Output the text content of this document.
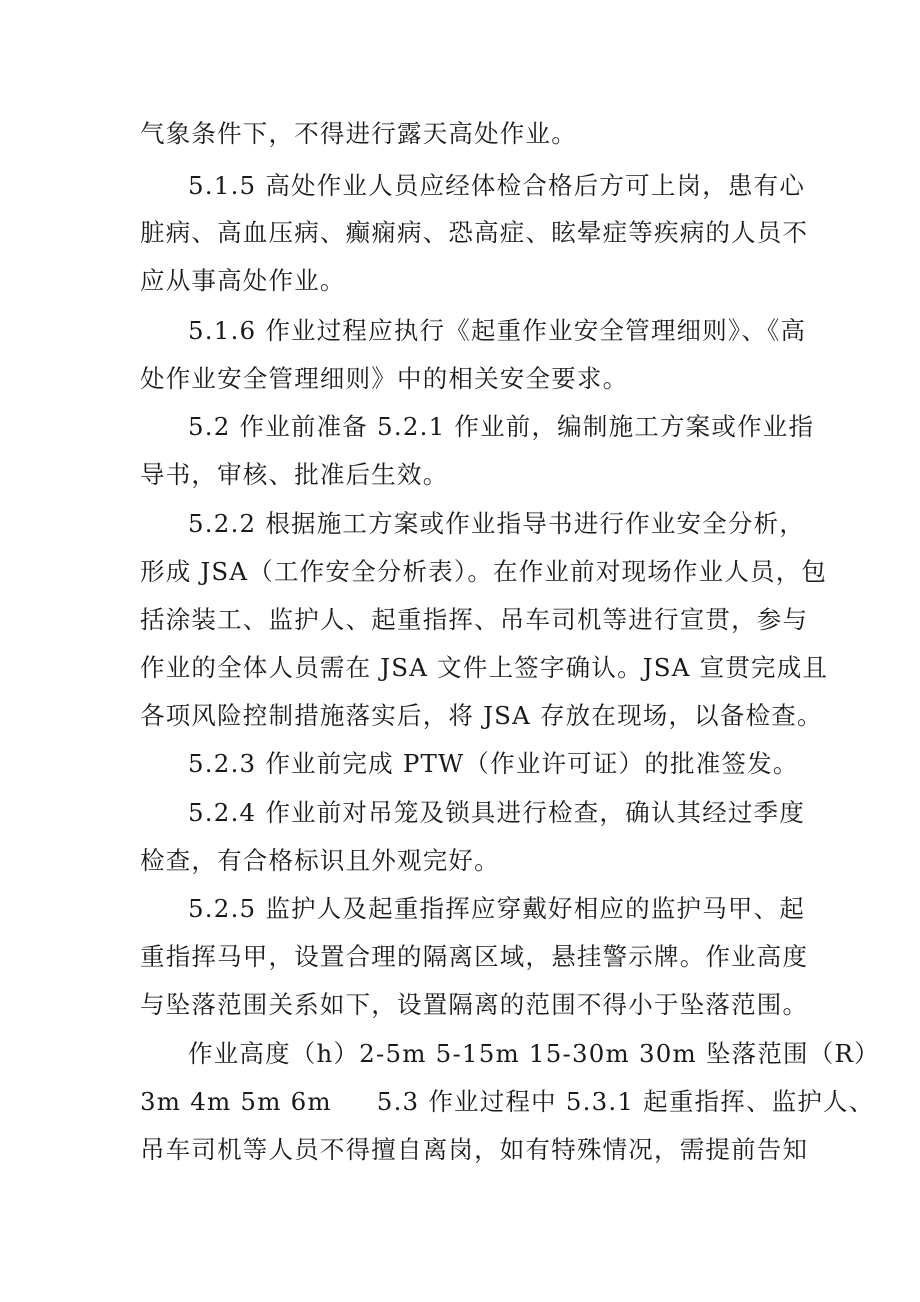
气象条件下，不得进行露天高处作业。
5.1.5 高处作业人员应经体检合格后方可上岗，患有心
脏病、高血压病、癫痫病、恐高症、眩晕症等疾病的人员不
应从事高处作业。
5.1.6 作业过程应执行《起重作业安全管理细则》、《高
处作业安全管理细则》中的相关安全要求。
5.2 作业前准备 5.2.1 作业前，编制施工方案或作业指
导书，审核、批准后生效。
5.2.2 根据施工方案或作业指导书进行作业安全分析，
形成 JSA（工作安全分析表）。在作业前对现场作业人员，包
括涂装工、监护人、起重指挥、吊车司机等进行宣贯，参与
作业的全体人员需在 JSA 文件上签字确认。JSA 宣贯完成且
各项风险控制措施落实后，将 JSA 存放在现场，以备检查。
5.2.3 作业前完成 PTW（作业许可证）的批准签发。
5.2.4 作业前对吊笼及锁具进行检查，确认其经过季度
检查，有合格标识且外观完好。
5.2.5 监护人及起重指挥应穿戴好相应的监护马甲、起
重指挥马甲，设置合理的隔离区域，悬挂警示牌。作业高度
与坠落范围关系如下，设置隔离的范围不得小于坠落范围。
作业高度（h）2-5m 5-15m 15-30m 30m 坠落范围（R）
3m 4m 5m 6m     5.3 作业过程中 5.3.1 起重指挥、监护人、
吊车司机等人员不得擅自离岗，如有特殊情况，需提前告知
